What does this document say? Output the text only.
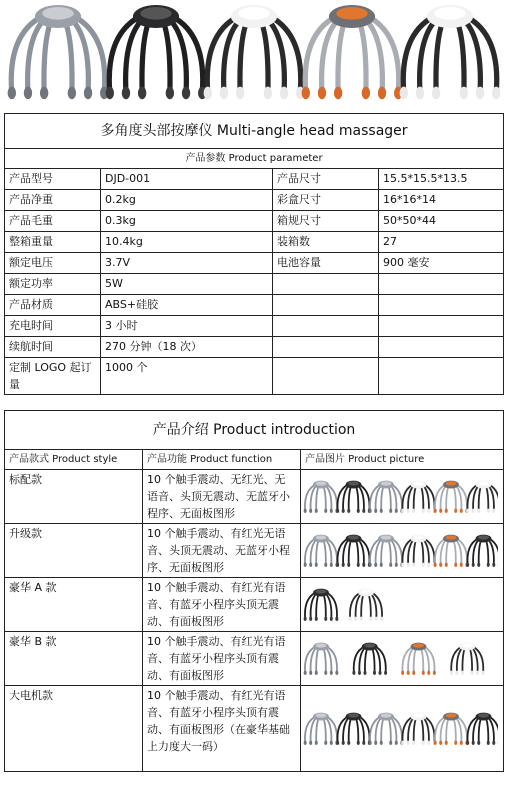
多角度头部按摩仪 Multi-angle head massager			
产品参数 Product parameter			
产品型号	DJD-001	产品尺寸	15.5*15.5*13.5
产品净重	0.2kg	彩盒尺寸	16*16*14
产品毛重	0.3kg	箱规尺寸	50*50*44
整箱重量	10.4kg	装箱数	27
额定电压	3.7V	电池容量	900 毫安
额定功率	5W		
产品材质	ABS+硅胶		
充电时间	3 小时		
续航时间	270 分钟（18 次）		
定制 LOGO 起订量	1000 个		
产品介绍 Product introduction		
产品款式 Product style	产品功能 Product function	产品图片 Product picture
标配款	10 个触手震动、无红光、无语音、头顶无震动、无蓝牙小程序、无面板图形	

升级款	10 个触手震动、有红光无语音、头顶无震动、无蓝牙小程序、无面板图形	

豪华 A 款	10 个触手震动、有红光有语音、有蓝牙小程序头顶无震动、有面板图形	

豪华 B 款	10 个触手震动、有红光有语音、有蓝牙小程序头顶有震动、有面板图形	

大电机款	10 个触手震动、有红光有语音、有蓝牙小程序头顶有震动、有面板图形（在豪华基础上力度大一码）	
